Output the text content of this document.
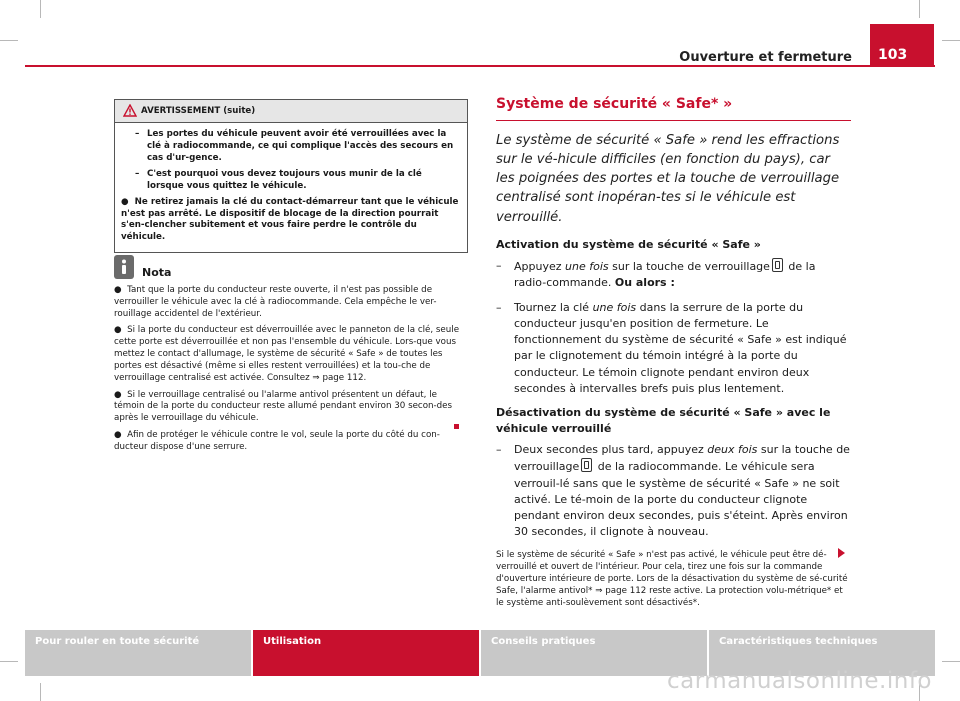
Ouverture et fermeture	103
AVERTISSEMENT (suite)
– Les portes du véhicule peuvent avoir été verrouillées avec la clé à radiocommande, ce qui complique l'accès des secours en cas d'ur-gence.
– C'est pourquoi vous devez toujours vous munir de la clé lorsque vous quittez le véhicule.
●  Ne retirez jamais la clé du contact-démarreur tant que le véhicule n'est pas arrêté. Le dispositif de blocage de la direction pourrait s'en-clencher subitement et vous faire perdre le contrôle du véhicule.
Nota

●  Tant que la porte du conducteur reste ouverte, il n'est pas possible de verrouiller le véhicule avec la clé à radiocommande. Cela empêche le ver-rouillage accidentel de l'extérieur.

●  Si la porte du conducteur est déverrouillée avec le panneton de la clé, seule cette porte est déverrouillée et non pas l'ensemble du véhicule. Lors-que vous mettez le contact d'allumage, le système de sécurité « Safe » de toutes les portes est désactivé (même si elles restent verrouillées) et la tou-che de verrouillage centralisé est activée. Consultez ⇒ page 112.

●  Si le verrouillage centralisé ou l'alarme antivol présentent un défaut, le témoin de la porte du conducteur reste allumé pendant environ 30 secon-des après le verrouillage du véhicule.

●  Afin de protéger le véhicule contre le vol, seule la porte du côté du con-ducteur dispose d'une serrure.

Système de sécurité « Safe* »
Le système de sécurité « Safe » rend les effractions sur le vé-hicule difficiles (en fonction du pays), car les poignées des portes et la touche de verrouillage centralisé sont inopéran-tes si le véhicule est verrouillé.
Activation du système de sécurité « Safe »
– Appuyez une fois sur la touche de verrouillage de la radio-commande. Ou alors :
– Tournez la clé une fois dans la serrure de la porte du conducteur jusqu'en position de fermeture. Le fonctionnement du système de sécurité « Safe » est indiqué par le clignotement du témoin intégré à la porte du conducteur. Le témoin clignote pendant environ deux secondes à intervalles brefs puis plus lentement.
Désactivation du système de sécurité « Safe » avec le véhicule verrouillé
– Deux secondes plus tard, appuyez deux fois sur la touche de verrouillage de la radiocommande. Le véhicule sera verrouil-lé sans que le système de sécurité « Safe » ne soit activé. Le té-moin de la porte du conducteur clignote pendant environ deux secondes, puis s'éteint. Après environ 30 secondes, il clignote à nouveau.
Si le système de sécurité « Safe » n'est pas activé, le véhicule peut être dé-verrouillé et ouvert de l'intérieur. Pour cela, tirez une fois sur la commande d'ouverture intérieure de porte. Lors de la désactivation du système de sé-curité Safe, l'alarme antivol* ⇒ page 112 reste active. La protection volu-métrique* et le système anti-soulèvement sont désactivés*.
Pour rouler en toute sécurité	Utilisation	Conseils pratiques	Caractéristiques techniques
carmanualsonline.info
